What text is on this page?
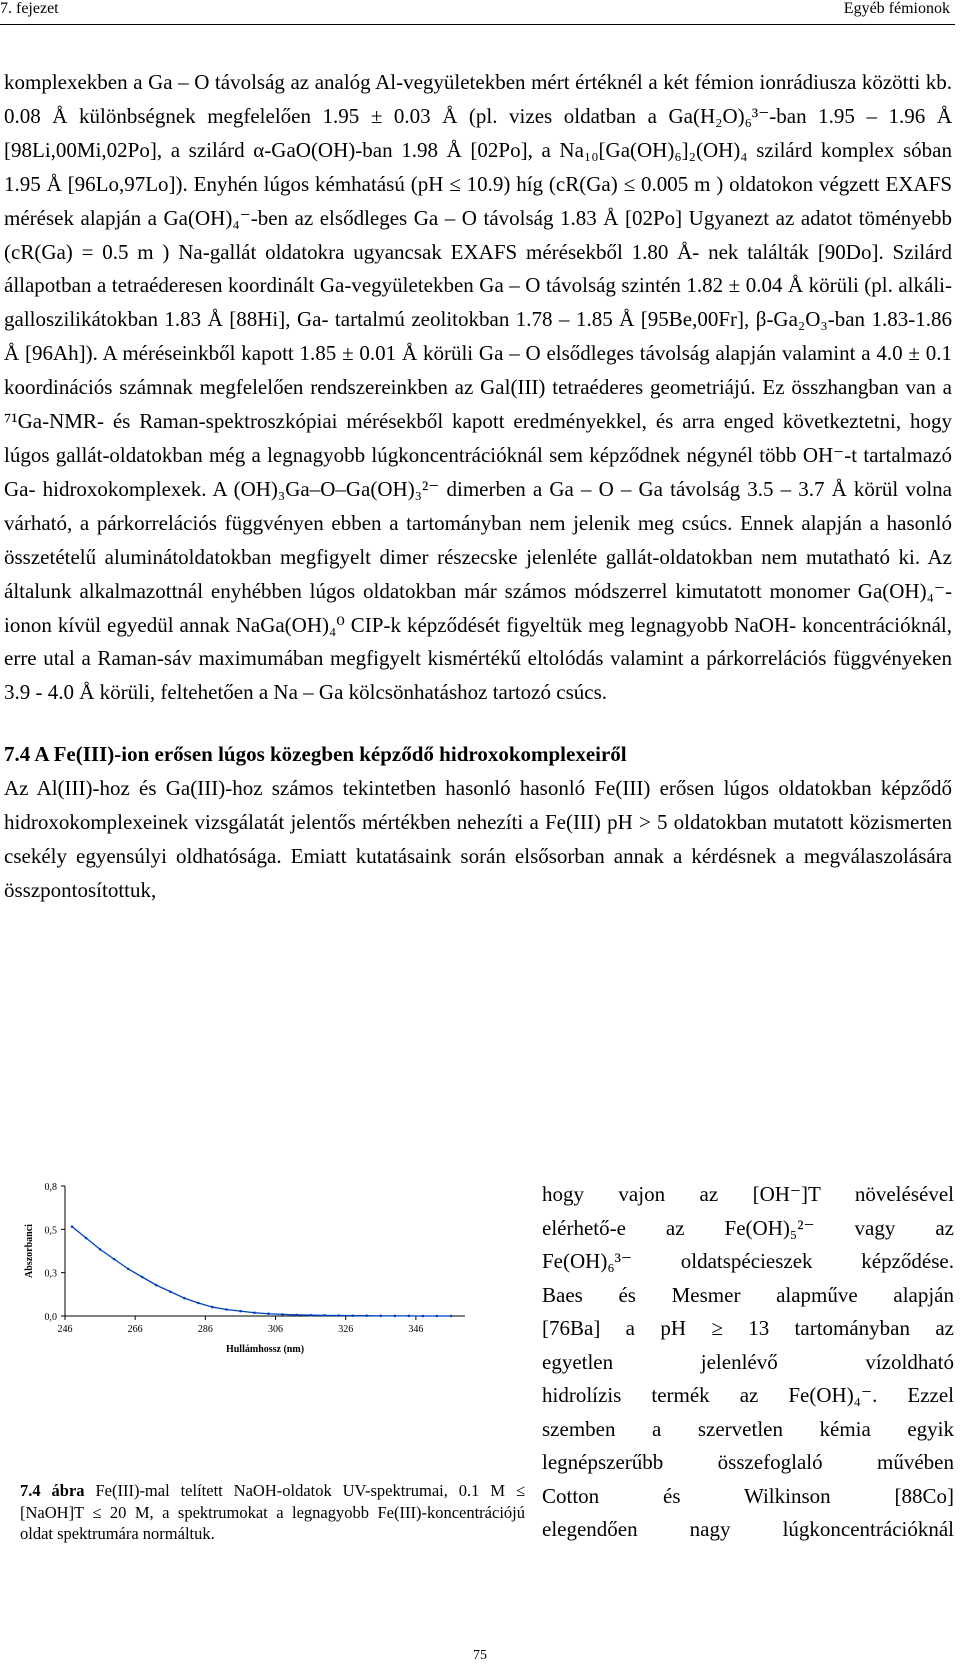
7. fejezet	Egyéb fémionok

komplexekben a Ga – O távolság az analóg Al-vegyületekben mért értéknél a két fémion ionrádiusza közötti kb. 0.08 Å különbségnek megfelelően 1.95 ± 0.03 Å (pl. vizes oldatban a Ga(H₂O)₆³⁻-ban 1.95 – 1.96 Å [98Li,00Mi,02Po], a szilárd α-GaO(OH)-ban 1.98 Å [02Po], a Na₁₀[Ga(OH)₆]₂(OH)₄ szilárd komplex sóban 1.95 Å [96Lo,97Lo]). Enyhén lúgos kémhatású (pH ≤ 10.9) híg (cR(Ga) ≤ 0.005 m ) oldatokon végzett EXAFS mérések alapján a Ga(OH)₄⁻-ben az elsődleges Ga – O távolság 1.83 Å [02Po] Ugyanezt az adatot töményebb (cR(Ga) = 0.5 m ) Na-gallát oldatokra ugyancsak EXAFS mérésekből 1.80 Å- nek találták [90Do]. Szilárd állapotban a tetraéderesen koordinált Ga-vegyületekben Ga – O távolság szintén 1.82 ± 0.04 Å körüli (pl. alkáli-galloszilikátokban 1.83 Å [88Hi], Ga- tartalmú zeolitokban 1.78 – 1.85 Å [95Be,00Fr], β-Ga₂O₃-ban 1.83-1.86 Å [96Ah]). A méréseinkből kapott 1.85 ± 0.01 Å körüli Ga – O elsődleges távolság alapján valamint a 4.0 ± 0.1 koordinációs számnak megfelelően rendszereinkben az Gal(III) tetraéderes geometriájú. Ez összhangban van a ⁷¹Ga-NMR- és Raman-spektroszkópiai mérésekből kapott eredményekkel, és arra enged következtetni, hogy lúgos gallát-oldatokban még a legnagyobb lúgkoncentrációknál sem képződnek négynél több OH⁻-t tartalmazó Ga- hidroxokomplexek. A (OH)₃Ga–O–Ga(OH)₃²⁻ dimerben a Ga – O – Ga távolság 3.5 – 3.7 Å körül volna várható, a párkorrelációs függvényen ebben a tartományban nem jelenik meg csúcs. Ennek alapján a hasonló összetételű aluminátoldatokban megfigyelt dimer részecske jelenléte gallát-oldatokban nem mutatható ki. Az általunk alkalmazottnál enyhébben lúgos oldatokban már számos módszerrel kimutatott monomer Ga(OH)₄⁻-ionon kívül egyedül annak NaGa(OH)₄⁰ CIP-k képződését figyeltük meg legnagyobb NaOH- koncentrációknál, erre utal a Raman-sáv maximumában megfigyelt kismértékű eltolódás valamint a párkorrelációs függvényeken 3.9 - 4.0 Å körüli, feltehetően a Na – Ga kölcsönhatáshoz tartozó csúcs.

7.4 A Fe(III)-ion erősen lúgos közegben képződő hidroxokomplexeiről

Az Al(III)-hoz és Ga(III)-hoz számos tekintetben hasonló hasonló Fe(III) erősen lúgos oldatokban képződő hidroxokomplexeinek vizsgálatát jelentős mértékben nehezíti a Fe(III) pH > 5 oldatokban mutatott közismerten csekély egyensúlyi oldhatósága. Emiatt kutatásaink során elsősorban annak a kérdésnek a megválaszolására összpontosítottuk,

hogy vajon az [OH⁻]T növelésével
elérhető-e az Fe(OH)₅²⁻ vagy az
Fe(OH)₆³⁻ oldatspécieszek képződése.
Baes és Mesmer alapműve alapján
[76Ba] a pH ≥ 13 tartományban az
egyetlen jelenlévő vízoldható
hidrolízis termék az Fe(OH)₄⁻. Ezzel
szemben a szervetlen kémia egyik
legnépszerűbb összefoglaló művében
Cotton és Wilkinson [88Co]
elegendően nagy lúgkoncentrációknál
0,0
0,3
0,5
0,8
246	266	286	306	326	346
Hullámhossz (nm)
Abszorbanci
7.4 ábra Fe(III)-mal telített NaOH-oldatok UV-spektrumai, 0.1 M ≤ [NaOH]T ≤ 20 M, a spektrumokat a legnagyobb Fe(III)-koncentrációjú oldat spektrumára normáltuk.
75
